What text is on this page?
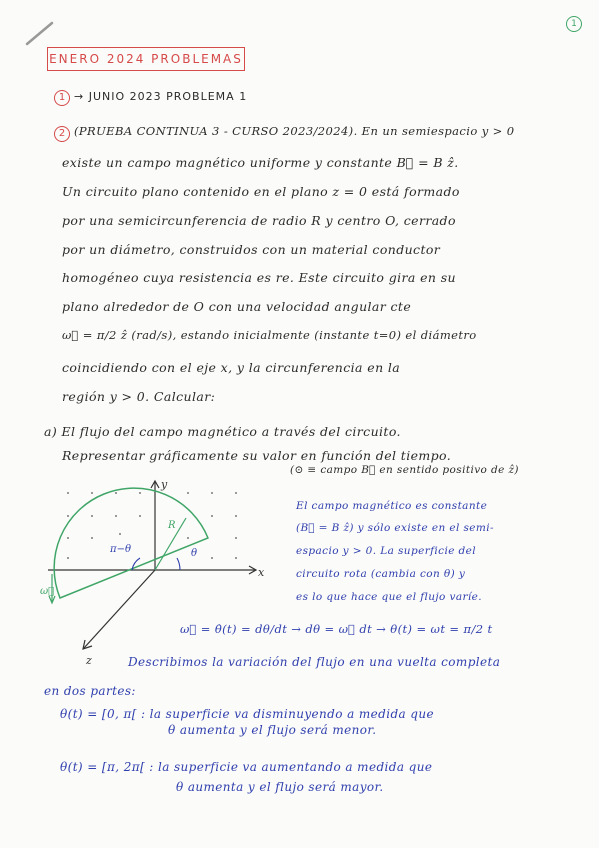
1
ENERO 2024 PROBLEMAS
1 → JUNIO 2023 PROBLEMA 1
2 (PRUEBA CONTINUA 3 - CURSO 2023/2024). En un semiespacio y > 0
existe un campo magnético uniforme y constante B⃗ = B ẑ.
Un circuito plano contenido en el plano z = 0 está formado
por una semicircunferencia de radio R y centro O, cerrado
por un diámetro, construidos con un material conductor
homogéneo cuya resistencia es re. Este circuito gira en su
plano alrededor de O con una velocidad angular cte
ω⃗ = π/2 ẑ (rad/s), estando inicialmente (instante t=0) el diámetro
coincidiendo con el eje x, y la circunferencia en la
región y > 0. Calcular:
a) El flujo del campo magnético a través del circuito.
Representar gráficamente su valor en función del tiempo.
y
x
z
R
θ
π−θ
ω⃗
(⊙ ≡ campo B⃗ en sentido positivo de ẑ)
El campo magnético es constante
(B⃗ = B ẑ) y sólo existe en el semi-
espacio y > 0. La superficie del
circuito rota (cambia con θ) y
es lo que hace que el flujo varíe.
ω⃗ = θ̇(t) = dθ/dt → dθ = ω⃗ dt → θ(t) = ωt = π/2 t
Describimos la variación del flujo en una vuelta completa
en dos partes:
θ(t) = [0, π[ : la superficie va disminuyendo a medida que
θ aumenta y el flujo será menor.
θ(t) = [π, 2π[ : la superficie va aumentando a medida que
θ aumenta y el flujo será mayor.
